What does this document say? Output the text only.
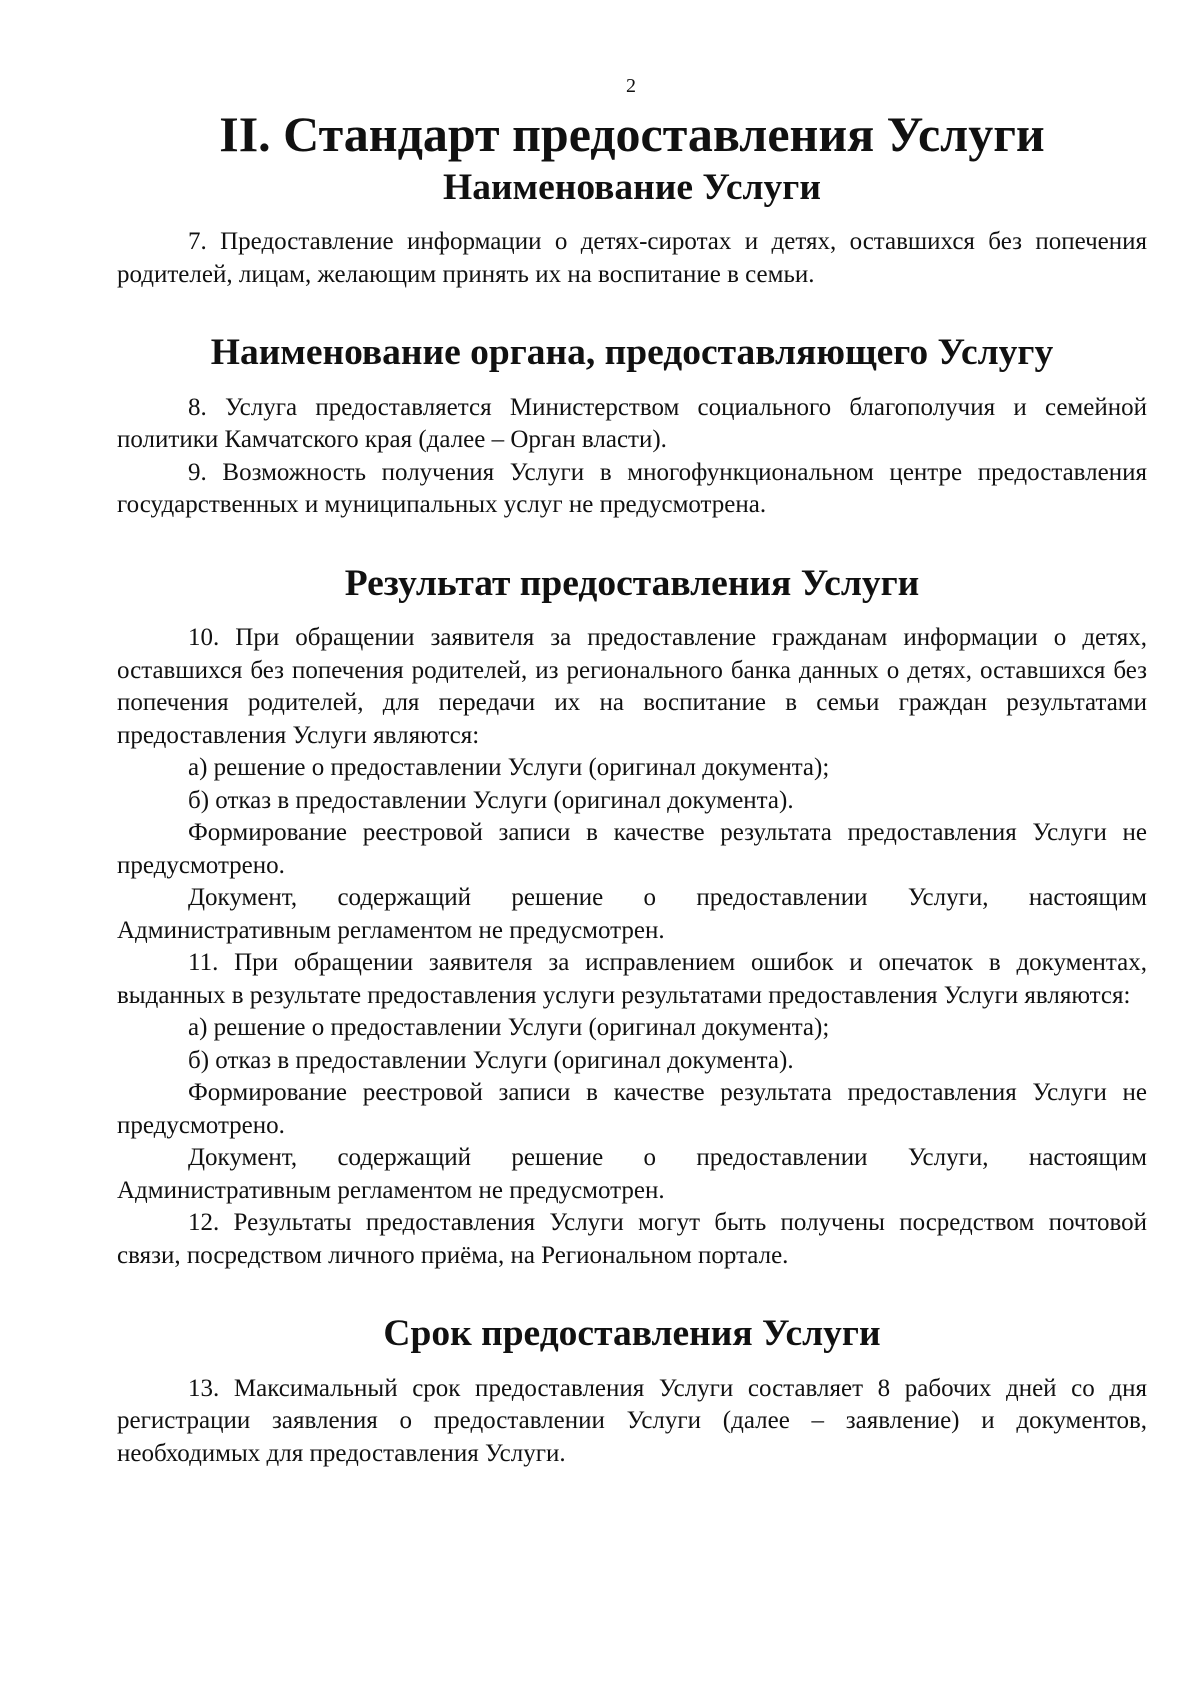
2
II. Стандарт предоставления Услуги
Наименование Услуги

7. Предоставление информации о детях-сиротах и детях, оставшихся без попечения родителей, лицам, желающим принять их на воспитание в семьи.

Наименование органа, предоставляющего Услугу

8. Услуга предоставляется Министерством социального благополучия и семейной политики Камчатского края (далее – Орган власти).

9. Возможность получения Услуги в многофункциональном центре предоставления государственных и муниципальных услуг не предусмотрена.

Результат предоставления Услуги

10. При обращении заявителя за предоставление гражданам информации о детях, оставшихся без попечения родителей, из регионального банка данных о детях, оставшихся без попечения родителей, для передачи их на воспитание в семьи граждан результатами предоставления Услуги являются:

а) решение о предоставлении Услуги (оригинал документа);

б) отказ в предоставлении Услуги (оригинал документа).

Формирование реестровой записи в качестве результата предоставления Услуги не предусмотрено.

Документ, содержащий решение о предоставлении Услуги, настоящим Административным регламентом не предусмотрен.

11. При обращении заявителя за исправлением ошибок и опечаток в документах, выданных в результате предоставления услуги результатами предоставления Услуги являются:

а) решение о предоставлении Услуги (оригинал документа);

б) отказ в предоставлении Услуги (оригинал документа).

Формирование реестровой записи в качестве результата предоставления Услуги не предусмотрено.

Документ, содержащий решение о предоставлении Услуги, настоящим Административным регламентом не предусмотрен.

12. Результаты предоставления Услуги могут быть получены посредством почтовой связи, посредством личного приёма, на Региональном портале.

Срок предоставления Услуги

13. Максимальный срок предоставления Услуги составляет 8 рабочих дней со дня регистрации заявления о предоставлении Услуги (далее – заявление) и документов, необходимых для предоставления Услуги.
